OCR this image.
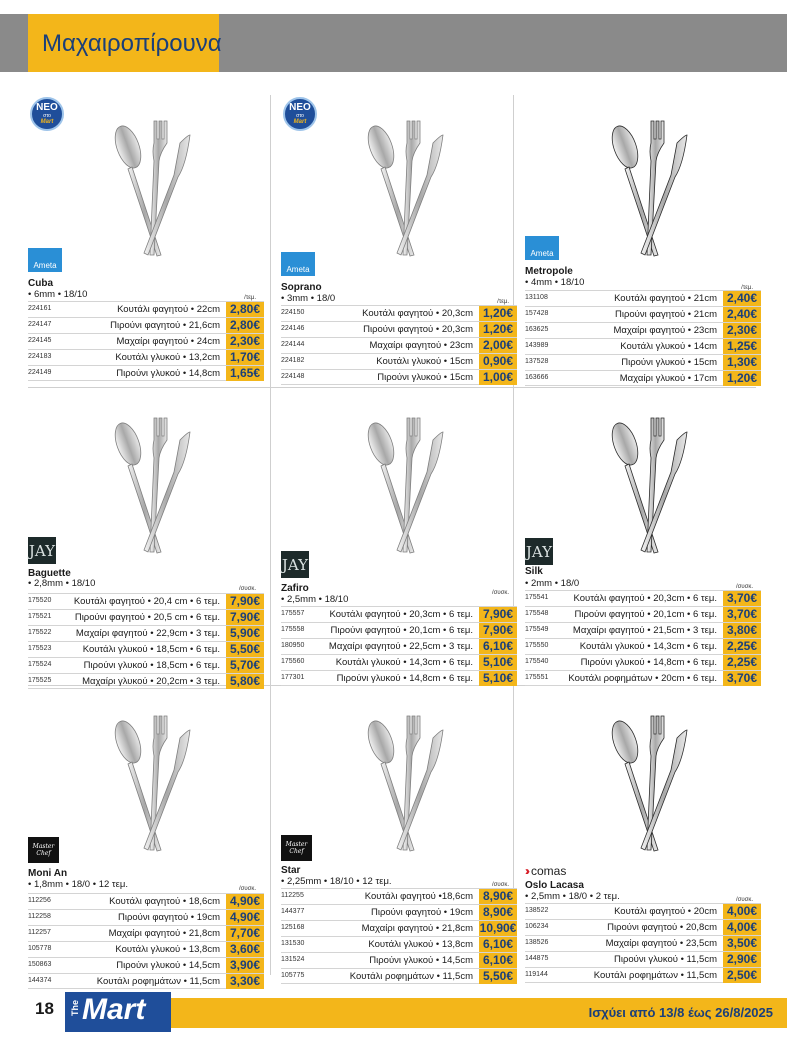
Μαχαιροπίρουνα
ΝΕΟ
στο
Mart
Ameta
Cuba
• 6mm • 18/10	/τεμ.
224161	Κουτάλι φαγητού • 22cm 2,80€
224147	Πιρούνι φαγητού • 21,6cm 2,80€
224145	Μαχαίρι φαγητού • 24cm 2,30€
224183	Κουτάλι γλυκού • 13,2cm 1,70€
224149	Πιρούνι γλυκού • 14,8cm 1,65€
ΝΕΟ
στο
Mart
Ameta
Soprano
• 3mm • 18/0	/τεμ.
224150	Κουτάλι φαγητού • 20,3cm 1,20€
224146	Πιρούνι φαγητού • 20,3cm 1,20€
224144	Μαχαίρι φαγητού • 23cm 2,00€
224182	Κουτάλι γλυκού • 15cm 0,90€
224148	Πιρούνι γλυκού • 15cm 1,00€
Ameta
Metropole
• 4mm • 18/10	/τεμ.
131108	Κουτάλι φαγητού • 21cm 2,40€
157428	Πιρούνι φαγητού • 21cm 2,40€
163625	Μαχαίρι φαγητού • 23cm 2,30€
143989	Κουτάλι γλυκού • 14cm 1,25€
137528	Πιρούνι γλυκού • 15cm 1,30€
163666	Μαχαίρι γλυκού • 17cm 1,20€
JAY
Baguette
• 2,8mm • 18/10	/συσκ.
175520 Κουτάλι φαγητού • 20,4 cm • 6 τεμ. 7,90€
175521 Πιρούνι φαγητού • 20,5 cm • 6 τεμ. 7,90€
175522	Μαχαίρι φαγητού • 22,9cm • 3 τεμ. 5,90€
175523	Κουτάλι γλυκού • 18,5cm • 6 τεμ. 5,50€
175524	Πιρούνι γλυκού • 18,5cm • 6 τεμ. 5,70€
175525	Μαχαίρι γλυκού • 20,2cm • 3 τεμ. 5,80€
JAY
Zafiro
• 2,5mm • 18/10
/συσκ.
175557	Κουτάλι φαγητού • 20,3cm • 6 τεμ. 7,90€
175558	Πιρούνι φαγητού • 20,1cm • 6 τεμ. 7,90€
180950	Μαχαίρι φαγητού • 22,5cm • 3 τεμ. 6,10€
175560	Κουτάλι γλυκού • 14,3cm • 6 τεμ. 5,10€
177301	Πιρούνι γλυκού • 14,8cm • 6 τεμ. 5,10€
JAY
Silk
• 2mm • 18/0	/συσκ.
175541	Κουτάλι φαγητού • 20,3cm • 6 τεμ. 3,70€
175548	Πιρούνι φαγητού • 20,1cm • 6 τεμ. 3,70€
175549	Μαχαίρι φαγητού • 21,5cm • 3 τεμ. 3,80€
175550	Κουτάλι γλυκού • 14,3cm • 6 τεμ. 2,25€
175540	Πιρούνι γλυκού • 14,8cm • 6 τεμ. 2,25€
175551 Κουτάλι ροφημάτων • 20cm • 6 τεμ. 3,70€
Master Chef
Moni An
• 1,8mm • 18/0 • 12 τεμ.	/συσκ.
112256	Κουτάλι φαγητού • 18,6cm 4,90€
112258	Πιρούνι φαγητού • 19cm 4,90€
112257	Μαχαίρι φαγητού • 21,8cm 7,70€
105778	Κουτάλι γλυκού • 13,8cm 3,60€
150863	Πιρούνι γλυκού • 14,5cm 3,90€
144374	Κουτάλι ροφημάτων • 11,5cm 3,30€
Master Chef
Star
• 2,25mm • 18/10 • 12 τεμ.	/συσκ.
112255	Κουτάλι φαγητού •18,6cm 8,90€
144377	Πιρούνι φαγητού • 19cm 8,90€
125168	Μαχαίρι φαγητού • 21,8cm 10,90€
131530	Κουτάλι γλυκού • 13,8cm 6,10€
131524	Πιρούνι γλυκού • 14,5cm 6,10€
105775	Κουτάλι ροφημάτων • 11,5cm 5,50€
›› comas
Oslo Lacasa
• 2,5mm • 18/0 • 2 τεμ.	/συσκ.
138522	Κουτάλι φαγητού • 20cm 4,00€
106234	Πιρούνι φαγητού • 20,8cm 4,00€
138526	Μαχαίρι φαγητού • 23,5cm 3,50€
144875	Πιρούνι γλυκού • 11,5cm 2,90€
119144	Κουτάλι ροφημάτων • 11,5cm 2,50€
18 The Mart	Ισχύει από 13/8 έως 26/8/2025
